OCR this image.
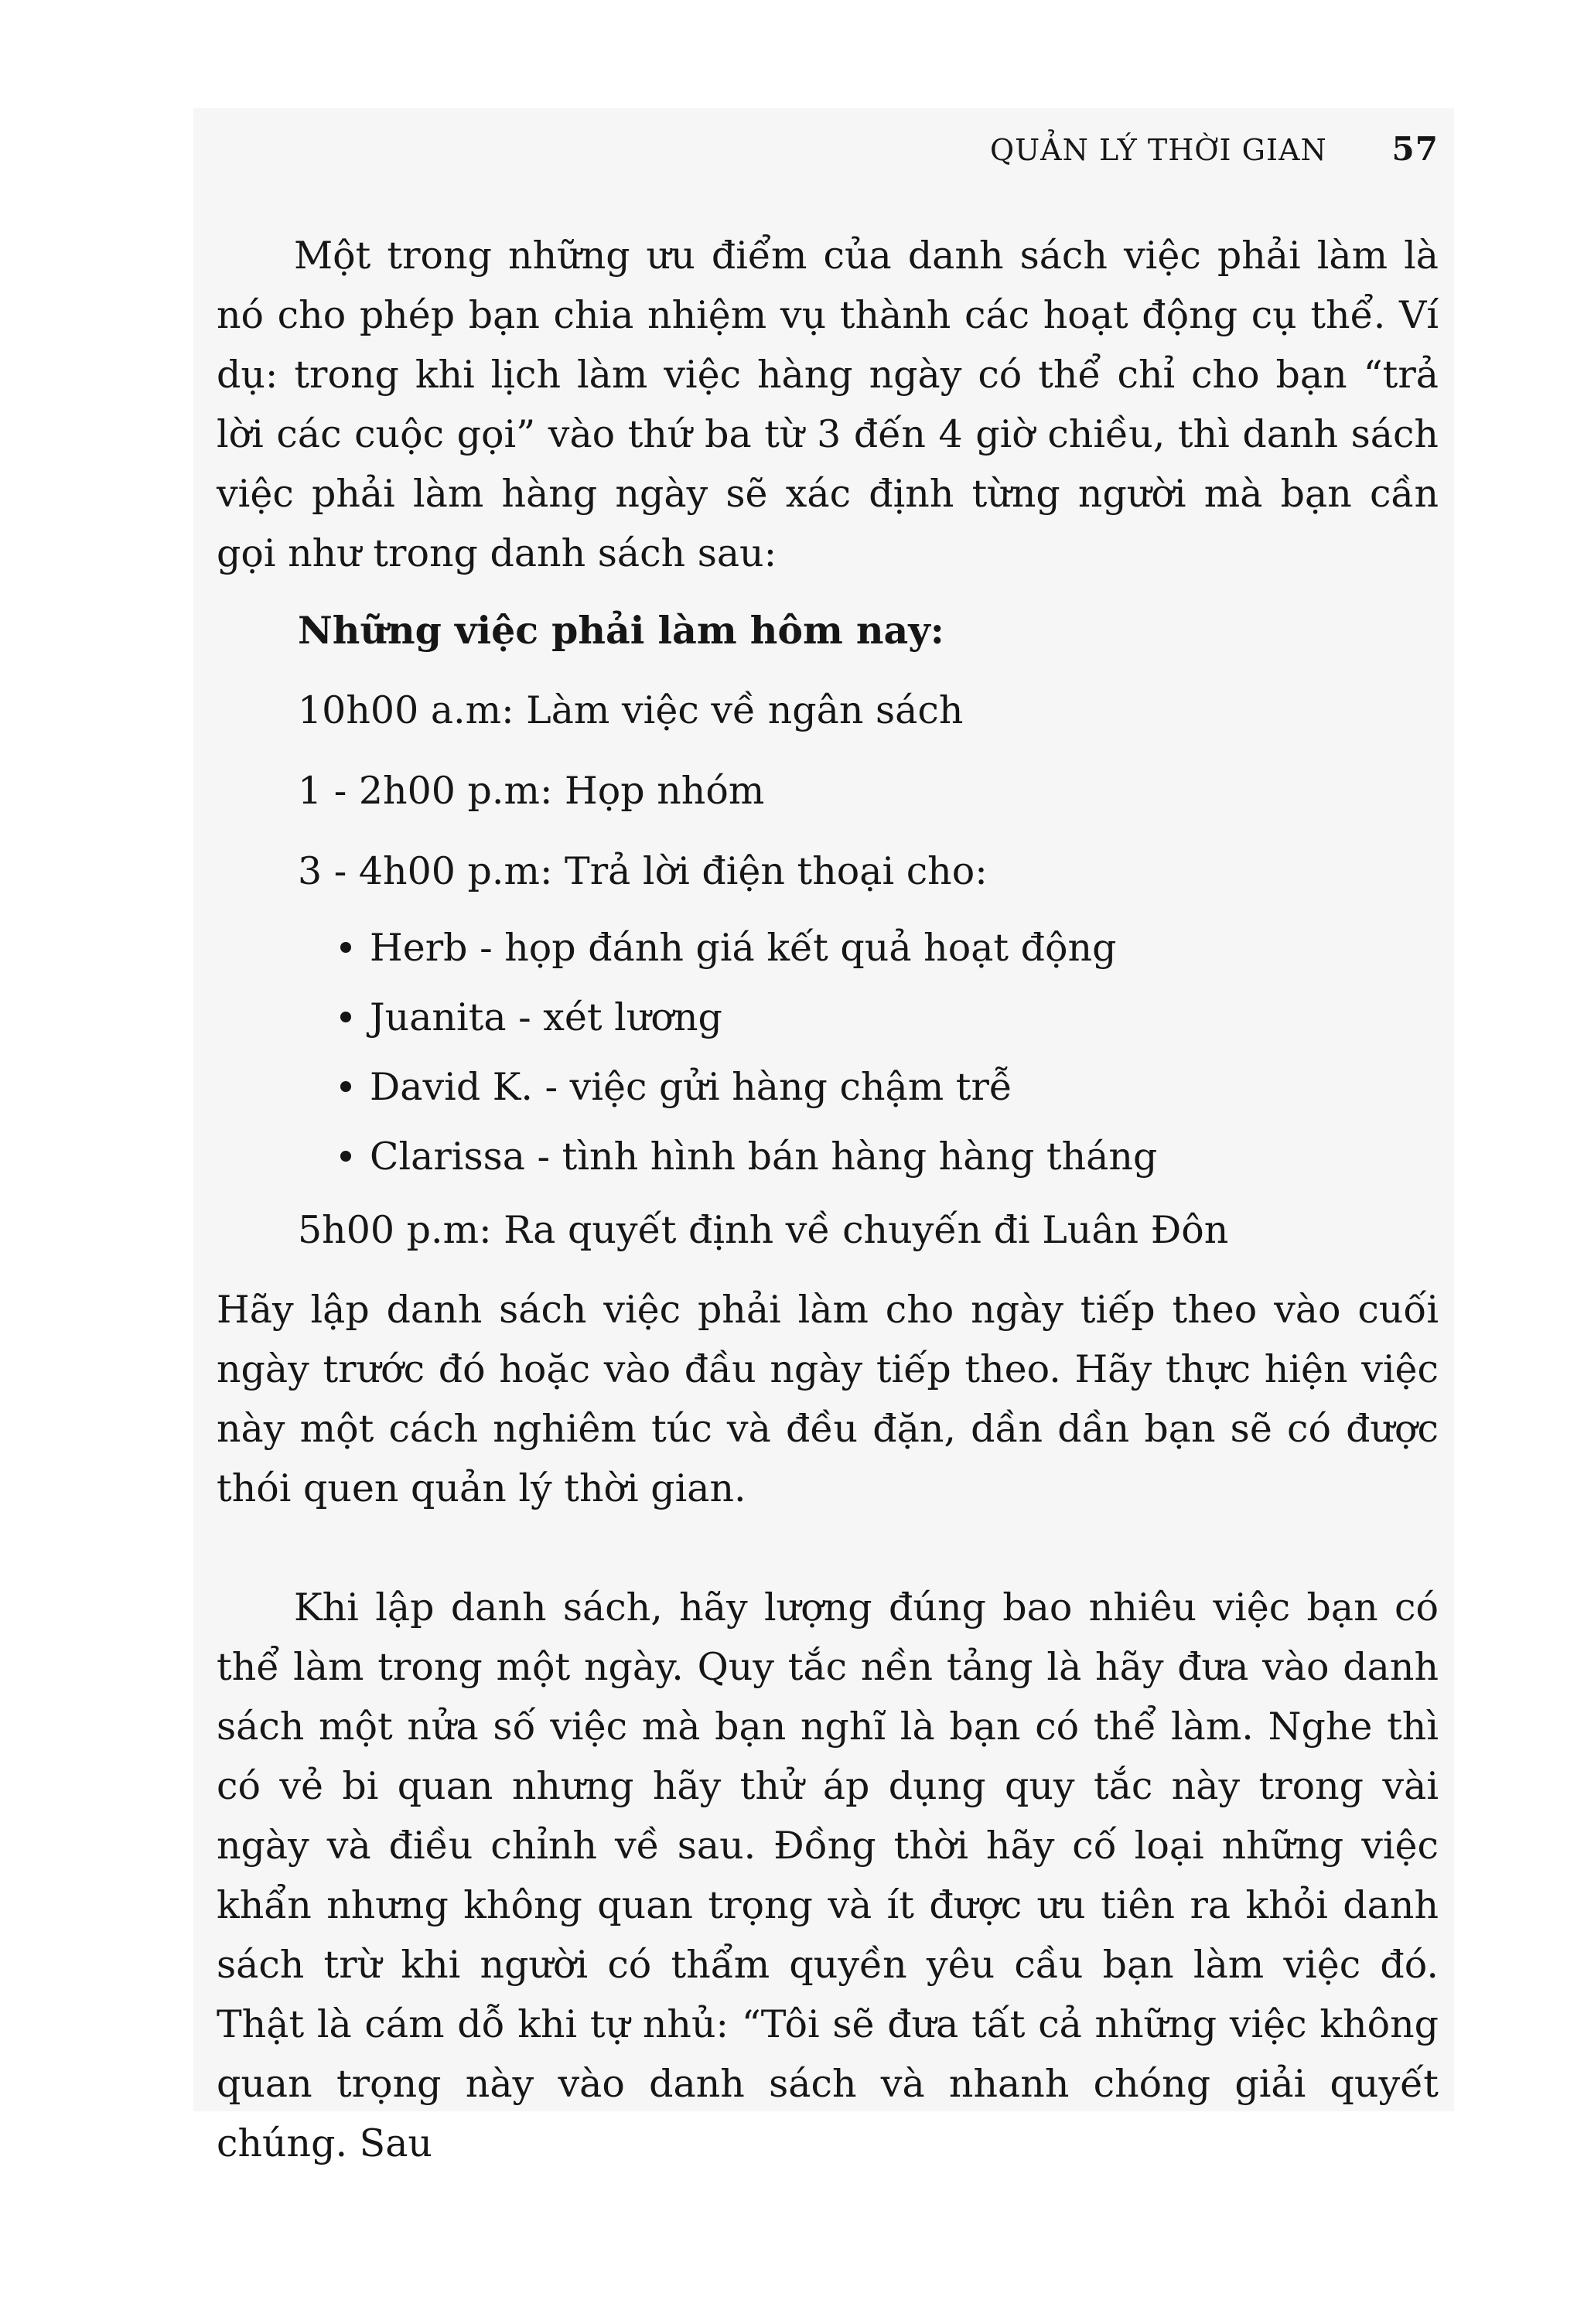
QUẢN LÝ THỜI GIAN 57

Một trong những ưu điểm của danh sách việc phải làm là nó cho phép bạn chia nhiệm vụ thành các hoạt động cụ thể. Ví dụ: trong khi lịch làm việc hàng ngày có thể chỉ cho bạn “trả lời các cuộc gọi” vào thứ ba từ 3 đến 4 giờ chiều, thì danh sách việc phải làm hàng ngày sẽ xác định từng người mà bạn cần gọi như trong danh sách sau:

Những việc phải làm hôm nay:
10h00 a.m: Làm việc về ngân sách
1 - 2h00 p.m: Họp nhóm
3 - 4h00 p.m: Trả lời điện thoại cho:
Herb - họp đánh giá kết quả hoạt động
Juanita - xét lương
David K. - việc gửi hàng chậm trễ
Clarissa - tình hình bán hàng hàng tháng
5h00 p.m: Ra quyết định về chuyến đi Luân Đôn

Hãy lập danh sách việc phải làm cho ngày tiếp theo vào cuối ngày trước đó hoặc vào đầu ngày tiếp theo. Hãy thực hiện việc này một cách nghiêm túc và đều đặn, dần dần bạn sẽ có được thói quen quản lý thời gian.

Khi lập danh sách, hãy lượng đúng bao nhiêu việc bạn có thể làm trong một ngày. Quy tắc nền tảng là hãy đưa vào danh sách một nửa số việc mà bạn nghĩ là bạn có thể làm. Nghe thì có vẻ bi quan nhưng hãy thử áp dụng quy tắc này trong vài ngày và điều chỉnh về sau. Đồng thời hãy cố loại những việc khẩn nhưng không quan trọng và ít được ưu tiên ra khỏi danh sách trừ khi người có thẩm quyền yêu cầu bạn làm việc đó. Thật là cám dỗ khi tự nhủ: “Tôi sẽ đưa tất cả những việc không quan trọng này vào danh sách và nhanh chóng giải quyết chúng. Sau
